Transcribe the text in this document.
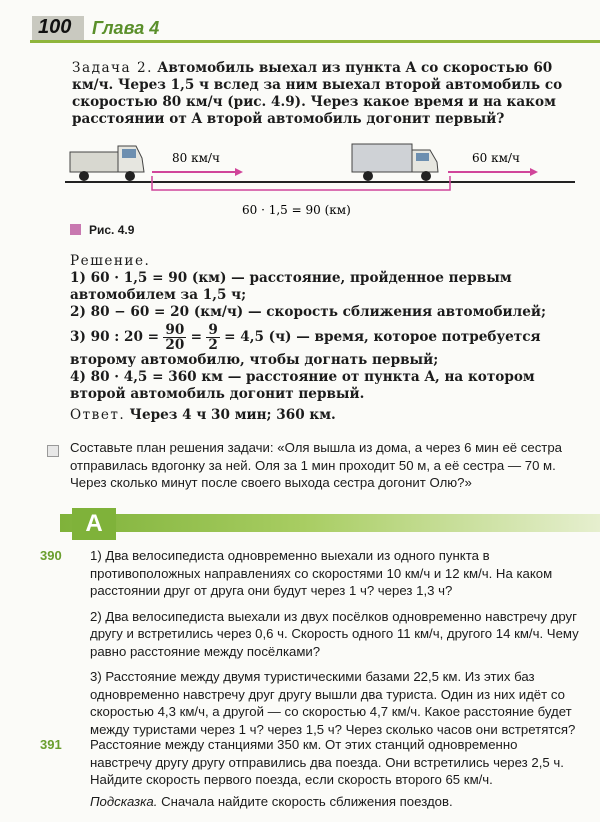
100	Глава 4
Задача 2. Автомобиль выехал из пункта A со скоростью 60 км/ч. Через 1,5 ч вслед за ним выехал второй автомобиль со скоростью 80 км/ч (рис. 4.9). Через какое время и на каком расстоянии от A второй автомобиль догонит первый?
80 км/ч	60 км/ч
60 · 1,5 = 90 (км)
Рис. 4.9
Решение.
1) 60 · 1,5 = 90 (км) — расстояние, пройденное первым автомобилем за 1,5 ч;
2) 80 − 60 = 20 (км/ч) — скорость сближения автомобилей;
3) 90 : $20 = \frac{90}{20} = \frac{9}{2} = 4,5$ (ч) — время, которое потребуется второму автомобилю, чтобы догнать первый;
4) 80 · 4,5 = 360 км — расстояние от пункта A, на котором второй автомобиль догонит первый.
Ответ. Через 4 ч 30 мин; 360 км.
Составьте план решения задачи: «Оля вышла из дома, а через 6 мин её сестра отправилась вдогонку за ней. Оля за 1 мин проходит 50 м, а её сестра — 70 м. Через сколько минут после своего выхода сестра догонит Олю?»
А
390 1) Два велосипедиста одновременно выехали из одного пункта в противоположных направлениях со скоростями 10 км/ч и 12 км/ч. На каком расстоянии друг от друга они будут через 1 ч? через 1,3 ч?

2) Два велосипедиста выехали из двух посёлков одновременно навстречу друг другу и встретились через 0,6 ч. Скорость одного 11 км/ч, другого 14 км/ч. Чему равно расстояние между посёлками?

3) Расстояние между двумя туристическими базами 22,5 км. Из этих баз одновременно навстречу друг другу вышли два туриста. Один из них идёт со скоростью 4,3 км/ч, а другой — со скоростью 4,7 км/ч. Какое расстояние будет между туристами через 1 ч? через 1,5 ч? Через сколько часов они встретятся?

391 Расстояние между станциями 350 км. От этих станций одновременно навстречу другу другу отправились два поезда. Они встретились через 2,5 ч. Найдите скорость первого поезда, если скорость второго 65 км/ч.

Подсказка. Сначала найдите скорость сближения поездов.
